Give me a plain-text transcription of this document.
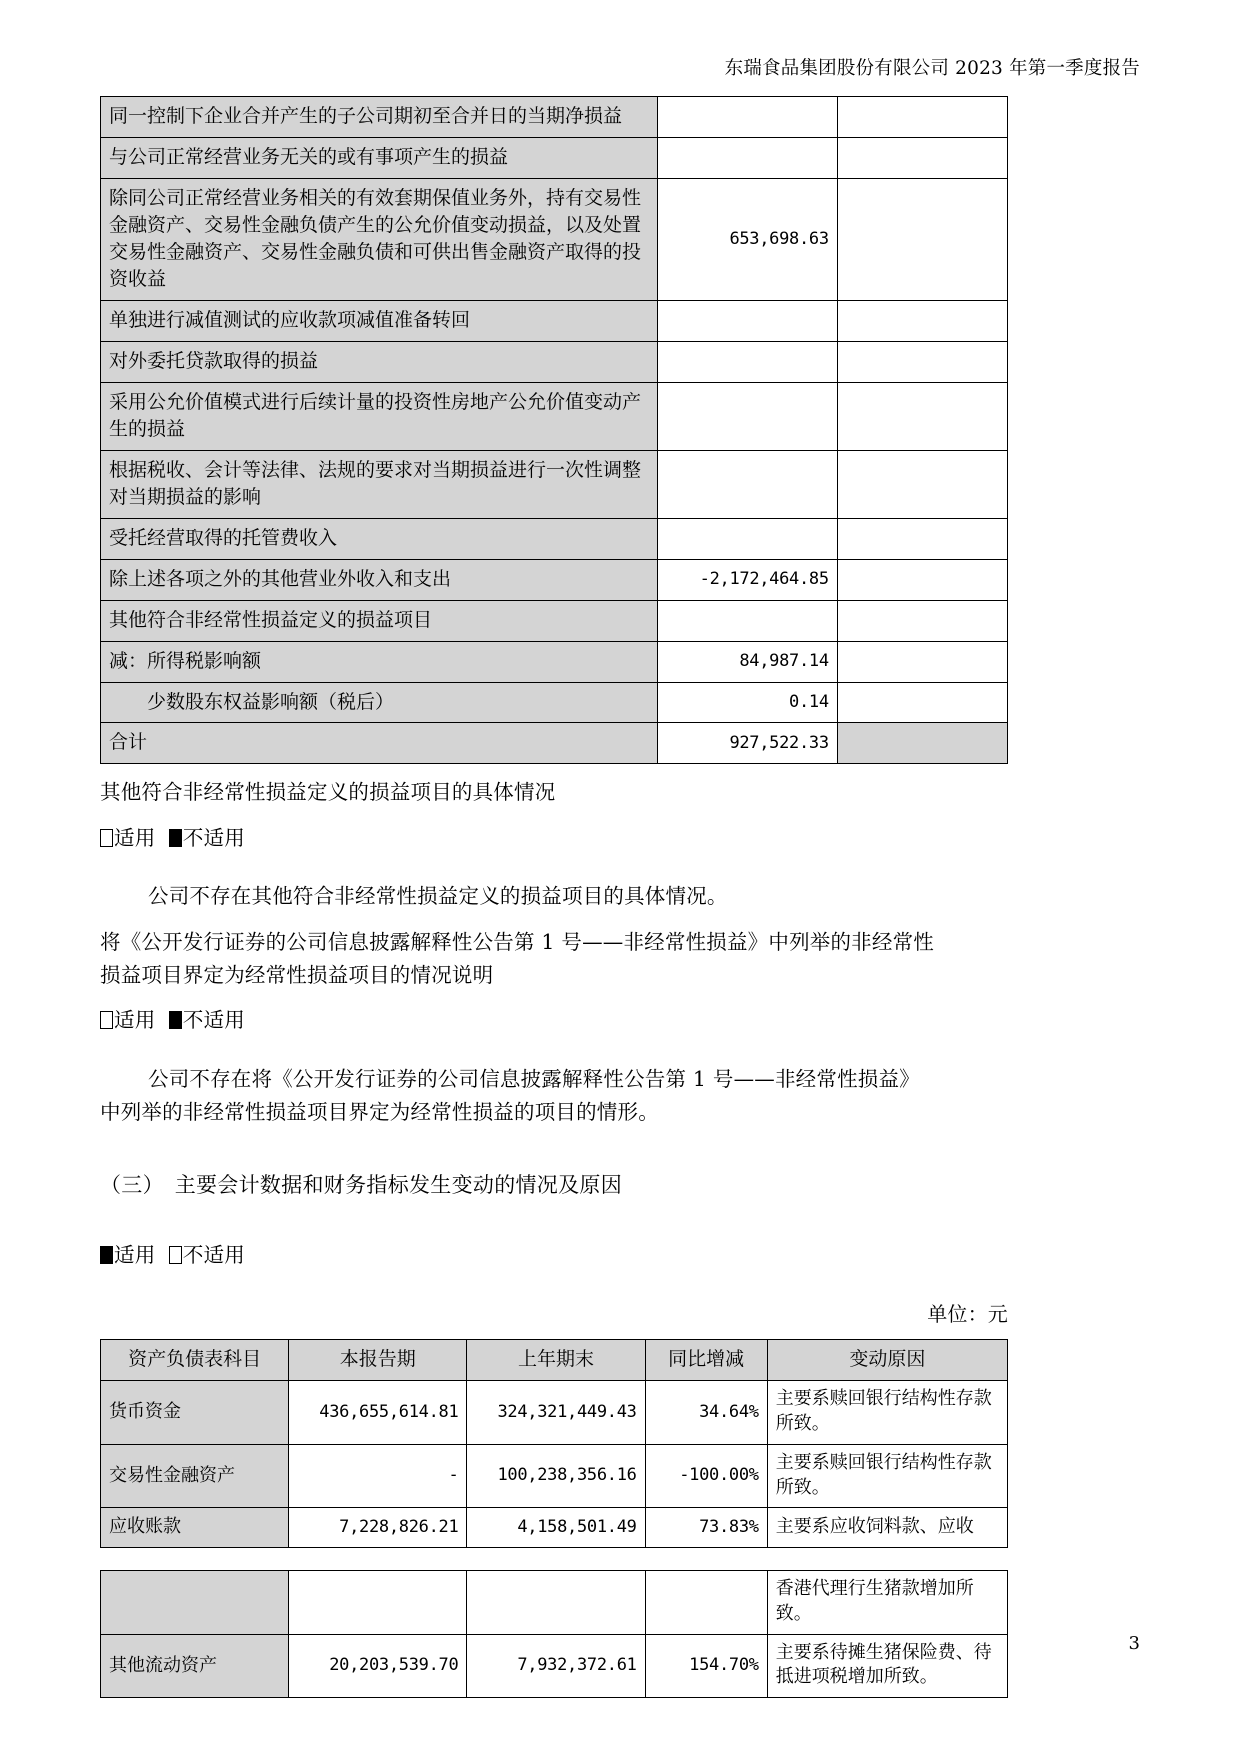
东瑞食品集团股份有限公司 2023 年第一季度报告
同一控制下企业合并产生的子公司期初至合并日的当期净损益		
与公司正常经营业务无关的或有事项产生的损益		
除同公司正常经营业务相关的有效套期保值业务外，持有交易性金融资产、交易性金融负债产生的公允价值变动损益，以及处置交易性金融资产、交易性金融负债和可供出售金融资产取得的投资收益	653,698.63	
单独进行减值测试的应收款项减值准备转回		
对外委托贷款取得的损益		
采用公允价值模式进行后续计量的投资性房地产公允价值变动产生的损益		
根据税收、会计等法律、法规的要求对当期损益进行一次性调整对当期损益的影响		
受托经营取得的托管费收入		
除上述各项之外的其他营业外收入和支出	-2,172,464.85	
其他符合非经常性损益定义的损益项目		
减：所得税影响额	84,987.14	
　　少数股东权益影响额（税后）	0.14	
合计	927,522.33	

其他符合非经常性损益定义的损益项目的具体情况

适用 不适用

公司不存在其他符合非经常性损益定义的损益项目的具体情况。

将《公开发行证券的公司信息披露解释性公告第 1 号——非经常性损益》中列举的非经常性

损益项目界定为经常性损益项目的情况说明

适用 不适用

公司不存在将《公开发行证券的公司信息披露解释性公告第 1 号——非经常性损益》

中列举的非经常性损益项目界定为经常性损益的项目的情形。

（三）　主要会计数据和财务指标发生变动的情况及原因

适用 不适用

单位：元

资产负债表科目	本报告期	上年期末	同比增减	变动原因
货币资金	436,655,614.81	324,321,449.43	34.64%	主要系赎回银行结构性存款所致。
交易性金融资产	-	100,238,356.16	-100.00%	主要系赎回银行结构性存款所致。
应收账款	7,228,826.21	4,158,501.49	73.83%	主要系应收饲料款、应收
				香港代理行生猪款增加所致。
其他流动资产	20,203,539.70	7,932,372.61	154.70%	主要系待摊生猪保险费、待抵进项税增加所致。
3
